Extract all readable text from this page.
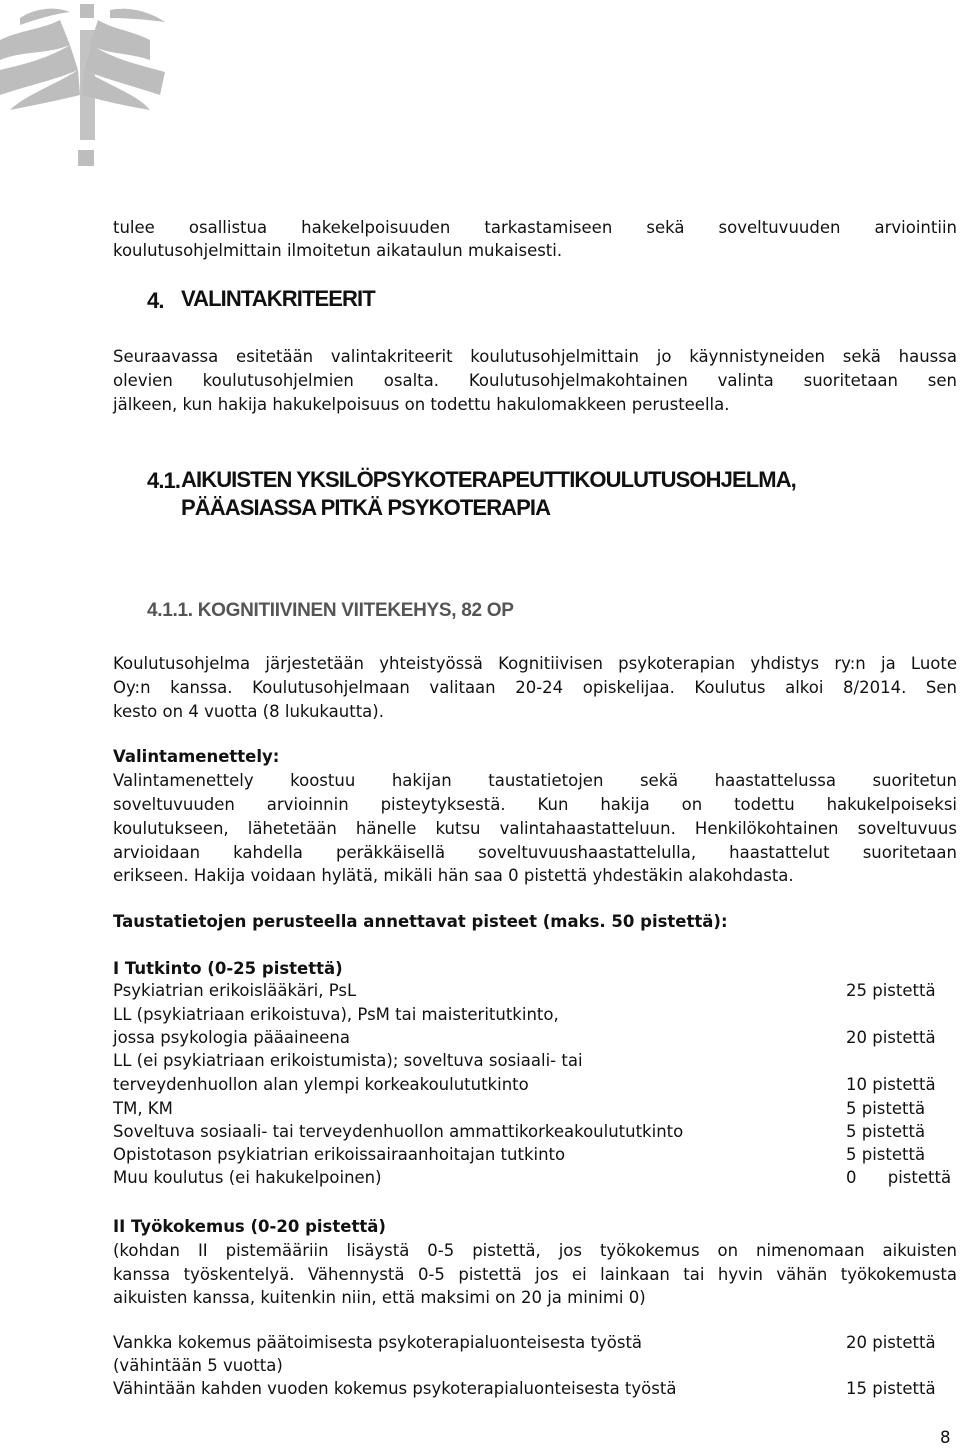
tulee osallistua hakekelpoisuuden tarkastamiseen sekä soveltuvuuden arviointiin
koulutusohjelmittain ilmoitetun aikataulun mukaisesti.
4. VALINTAKRITEERIT
Seuraavassa esitetään valintakriteerit koulutusohjelmittain jo käynnistyneiden sekä haussa
olevien koulutusohjelmien osalta. Koulutusohjelmakohtainen valinta suoritetaan sen
jälkeen, kun hakija hakukelpoisuus on todettu hakulomakkeen perusteella.
4.1. AIKUISTEN YKSILÖPSYKOTERAPEUTTIKOULUTUSOHJELMA,
PÄÄASIASSA PITKÄ PSYKOTERAPIA
4.1.1. KOGNITIIVINEN VIITEKEHYS, 82 OP
Koulutusohjelma järjestetään yhteistyössä Kognitiivisen psykoterapian yhdistys ry:n ja Luote
Oy:n kanssa. Koulutusohjelmaan valitaan 20-24 opiskelijaa. Koulutus alkoi 8/2014. Sen
kesto on 4 vuotta (8 lukukautta).
Valintamenettely:
Valintamenettely koostuu hakijan taustatietojen sekä haastattelussa suoritetun
soveltuvuuden arvioinnin pisteytyksestä. Kun hakija on todettu hakukelpoiseksi
koulutukseen, lähetetään hänelle kutsu valintahaastatteluun. Henkilökohtainen soveltuvuus
arvioidaan kahdella peräkkäisellä soveltuvuushaastattelulla, haastattelut suoritetaan
erikseen. Hakija voidaan hylätä, mikäli hän saa 0 pistettä yhdestäkin alakohdasta.
Taustatietojen perusteella annettavat pisteet (maks. 50 pistettä):
I Tutkinto (0-25 pistettä)
Psykiatrian erikoislääkäri, PsL	25 pistettä
LL (psykiatriaan erikoistuva), PsM tai maisteritutkinto,
jossa psykologia pääaineena	20 pistettä
LL (ei psykiatriaan erikoistumista); soveltuva sosiaali- tai
terveydenhuollon alan ylempi korkeakoulututkinto	10 pistettä
TM, KM	5 pistettä
Soveltuva sosiaali- tai terveydenhuollon ammattikorkeakoulututkinto	5 pistettä
Opistotason psykiatrian erikoissairaanhoitajan tutkinto	5 pistettä
Muu koulutus (ei hakukelpoinen)	0 pistettä
II Työkokemus (0-20 pistettä)
(kohdan II pistemääriin lisäystä 0-5 pistettä, jos työkokemus on nimenomaan aikuisten
kanssa työskentelyä. Vähennystä 0-5 pistettä jos ei lainkaan tai hyvin vähän työkokemusta
aikuisten kanssa, kuitenkin niin, että maksimi on 20 ja minimi 0)
Vankka kokemus päätoimisesta psykoterapialuonteisesta työstä	20 pistettä
(vähintään 5 vuotta)
Vähintään kahden vuoden kokemus psykoterapialuonteisesta työstä	15 pistettä
8
